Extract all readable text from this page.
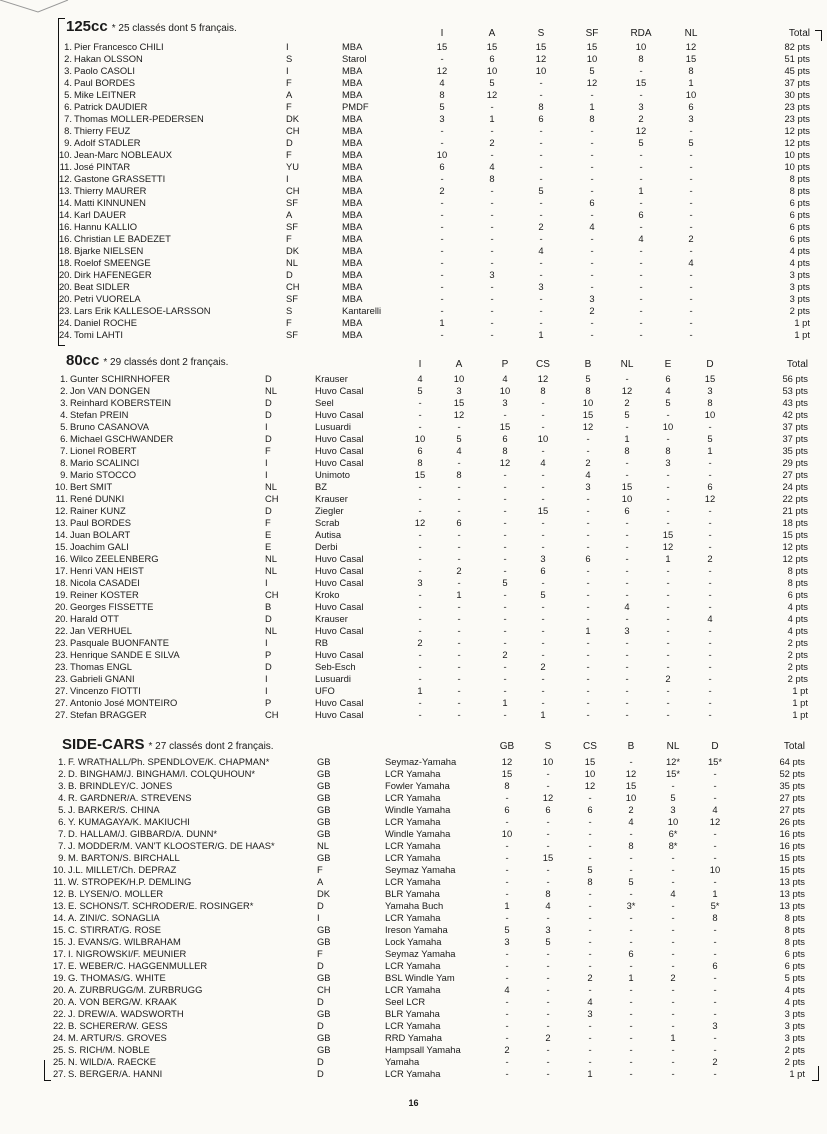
125cc * 25 classés dont 5 français.	I	A	S	SF	RDA	NL	Total
1. Pier Francesco CHILI	I	MBA	15	15	15	15	10	12	82 pts
2. Hakan OLSSON	S	Starol	-	6	12	10	8	15	51 pts
3. Paolo CASOLI	I	MBA	12	10	10	5	-	8	45 pts
4. Paul BORDES	F	MBA	4	5	-	12	15	1	37 pts
5. Mike LEITNER	A	MBA	8	12	-	-	-	10	30 pts
6. Patrick DAUDIER	F	PMDF	5	-	8	1	3	6	23 pts
7. Thomas MOLLER-PEDERSEN	DK	MBA	3	1	6	8	2	3	23 pts
8. Thierry FEUZ	CH	MBA	-	-	-	-	12	-	12 pts
9. Adolf STADLER	D	MBA	-	2	-	-	5	5	12 pts
10. Jean-Marc NOBLEAUX	F	MBA	10	-	-	-	-	-	10 pts
11. José PINTAR	YU	MBA	6	4	-	-	-	-	10 pts
12. Gastone GRASSETTI	I	MBA	-	8	-	-	-	-	8 pts
13. Thierry MAURER	CH	MBA	2	-	5	-	1	-	8 pts
14. Matti KINNUNEN	SF	MBA	-	-	-	6	-	-	6 pts
14. Karl DAUER	A	MBA	-	-	-	-	6	-	6 pts
16. Hannu KALLIO	SF	MBA	-	-	2	4	-	-	6 pts
16. Christian LE BADEZET	F	MBA	-	-	-	-	4	2	6 pts
18. Bjarke NIELSEN	DK	MBA	-	-	4	-	-	-	4 pts
18. Roelof SMEENGE	NL	MBA	-	-	-	-	-	4	4 pts
20. Dirk HAFENEGER	D	MBA	-	3	-	-	-	-	3 pts
20. Beat SIDLER	CH	MBA	-	-	3	-	-	-	3 pts
20. Petri VUORELA	SF	MBA	-	-	-	3	-	-	3 pts
23. Lars Erik KALLESOE-LARSSON	S	Kantarelli	-	-	-	2	-	-	2 pts
24. Daniel ROCHE	F	MBA	1	-	-	-	-	-	1 pt
24. Tomi LAHTI	SF	MBA	-	-	1	-	-	-	1 pt
80cc * 29 classés dont 2 français.	I	A	P	CS	B	NL	E	D	Total
1. Gunter SCHIRNHOFER	D	Krauser	4	10	4	12	5	-	6	15	56 pts
2. Jon VAN DONGEN	NL	Huvo Casal	5	3	10	8	8	12	4	3	53 pts
3. Reinhard KOBERSTEIN	D	Seel	-	15	3	-	10	2	5	8	43 pts
4. Stefan PREIN	D	Huvo Casal	-	12	-	-	15	5	-	10	42 pts
5. Bruno CASANOVA	I	Lusuardi	-	-	15	-	12	-	10	-	37 pts
6. Michael GSCHWANDER	D	Huvo Casal	10	5	6	10	-	1	-	5	37 pts
7. Lionel ROBERT	F	Huvo Casal	6	4	8	-	-	8	8	1	35 pts
8. Mario SCALINCI	I	Huvo Casal	8	-	12	4	2	-	3	-	29 pts
9. Mario STOCCO	I	Unimoto	15	8	-	-	4	-	-	-	27 pts
10. Bert SMIT	NL	BZ	-	-	-	-	3	15	-	6	24 pts
11. René DUNKI	CH	Krauser	-	-	-	-	-	10	-	12	22 pts
12. Rainer KUNZ	D	Ziegler	-	-	-	15	-	6	-	-	21 pts
13. Paul BORDES	F	Scrab	12	6	-	-	-	-	-	-	18 pts
14. Juan BOLART	E	Autisa	-	-	-	-	-	-	15	-	15 pts
15. Joachim GALI	E	Derbi	-	-	-	-	-	-	12	-	12 pts
16. Wilco ZEELENBERG	NL	Huvo Casal	-	-	-	3	6	-	1	2	12 pts
17. Henri VAN HEIST	NL	Huvo Casal	-	2	-	6	-	-	-	-	8 pts
18. Nicola CASADEI	I	Huvo Casal	3	-	5	-	-	-	-	-	8 pts
19. Reiner KOSTER	CH	Kroko	-	1	-	5	-	-	-	-	6 pts
20. Georges FISSETTE	B	Huvo Casal	-	-	-	-	-	4	-	-	4 pts
20. Harald OTT	D	Krauser	-	-	-	-	-	-	-	4	4 pts
22. Jan VERHUEL	NL	Huvo Casal	-	-	-	-	1	3	-	-	4 pts
23. Pasquale BUONFANTE	I	RB	2	-	-	-	-	-	-	-	2 pts
23. Henrique SANDE E SILVA	P	Huvo Casal	-	-	2	-	-	-	-	-	2 pts
23. Thomas ENGL	D	Seb-Esch	-	-	-	2	-	-	-	-	2 pts
23. Gabrieli GNANI	I	Lusuardi	-	-	-	-	-	-	2	-	2 pts
27. Vincenzo FIOTTI	I	UFO	1	-	-	-	-	-	-	-	1 pt
27. Antonio José MONTEIRO	P	Huvo Casal	-	-	1	-	-	-	-	-	1 pt
27. Stefan BRAGGER	CH	Huvo Casal	-	-	-	1	-	-	-	-	1 pt
SIDE-CARS * 27 classés dont 2 français.	GB	S	CS	B	NL	D	Total
1. F. WRATHALL/Ph. SPENDLOVE/K. CHAPMAN*	GB	Seymaz-Yamaha	12	10	15	-	12*	15*	64 pts
2. D. BINGHAM/J. BINGHAM/I. COLQUHOUN*	GB	LCR Yamaha	15	-	10	12	15*	-	52 pts
3. B. BRINDLEY/C. JONES	GB	Fowler Yamaha	8	-	12	15	-	-	35 pts
4. R. GARDNER/A. STREVENS	GB	LCR Yamaha	-	12	-	10	5	-	27 pts
5. J. BARKER/S. CHINA	GB	Windle Yamaha	6	6	6	2	3	4	27 pts
6. Y. KUMAGAYA/K. MAKIUCHI	GB	LCR Yamaha	-	-	-	4	10	12	26 pts
7. D. HALLAM/J. GIBBARD/A. DUNN*	GB	Windle Yamaha	10	-	-	-	6*	-	16 pts
7. J. MODDER/M. VAN'T KLOOSTER/G. DE HAAS*	NL	LCR Yamaha	-	-	-	8	8*	-	16 pts
9. M. BARTON/S. BIRCHALL	GB	LCR Yamaha	-	15	-	-	-	-	15 pts
10. J.L. MILLET/Ch. DEPRAZ	F	Seymaz Yamaha	-	-	5	-	-	10	15 pts
11. W. STROPEK/H.P. DEMLING	A	LCR Yamaha	-	-	8	5	-	-	13 pts
12. B. LYSEN/O. MOLLER	DK	BLR Yamaha	-	8	-	-	4	1	13 pts
13. E. SCHONS/T. SCHRODER/E. ROSINGER*	D	Yamaha Buch	1	4	-	3*	-	5*	13 pts
14. A. ZINI/C. SONAGLIA	I	LCR Yamaha	-	-	-	-	-	8	8 pts
15. C. STIRRAT/G. ROSE	GB	Ireson Yamaha	5	3	-	-	-	-	8 pts
15. J. EVANS/G. WILBRAHAM	GB	Lock Yamaha	3	5	-	-	-	-	8 pts
17. I. NIGROWSKI/F. MEUNIER	F	Seymaz Yamaha	-	-	-	6	-	-	6 pts
17. E. WEBER/C. HAGGENMULLER	D	LCR Yamaha	-	-	-	-	-	6	6 pts
19. G. THOMAS/G. WHITE	GB	BSL Windle Yam	-	-	2	1	2	-	5 pts
20. A. ZURBRUGG/M. ZURBRUGG	CH	LCR Yamaha	4	-	-	-	-	-	4 pts
20. A. VON BERG/W. KRAAK	D	Seel LCR	-	-	4	-	-	-	4 pts
22. J. DREW/A. WADSWORTH	GB	BLR Yamaha	-	-	3	-	-	-	3 pts
22. B. SCHERER/W. GESS	D	LCR Yamaha	-	-	-	-	-	3	3 pts
24. M. ARTUR/S. GROVES	GB	RRD Yamaha	-	2	-	-	1	-	3 pts
25. S. RICH/M. NOBLE	GB	Hampsall Yamaha	2	-	-	-	-	-	2 pts
25. N. WILD/A. RAECKE	D	Yamaha	-	-	-	-	-	2	2 pts
27. S. BERGER/A. HANNI	D	LCR Yamaha	-	-	1	-	-	-	1 pt
16
